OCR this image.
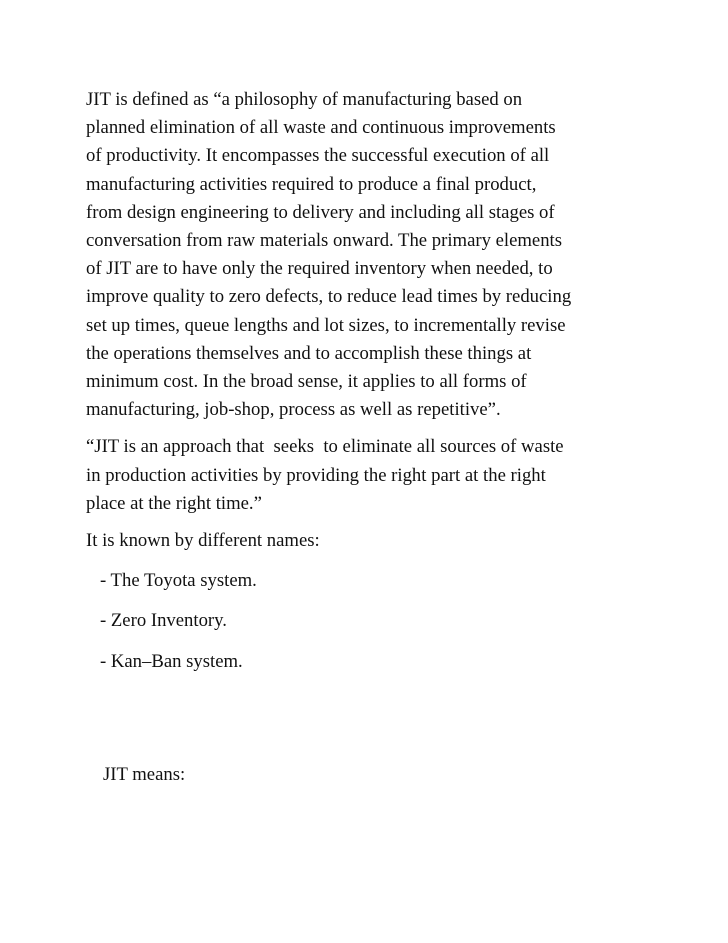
JIT is defined as “a philosophy of manufacturing based on
planned elimination of all waste and continuous improvements
of productivity. It encompasses the successful execution of all
manufacturing activities required to produce a final product,
from design engineering to delivery and including all stages of
conversation from raw materials onward. The primary elements
of JIT are to have only the required inventory when needed, to
improve quality to zero defects, to reduce lead times by reducing
set up times, queue lengths and lot sizes, to incrementally revise
the operations themselves and to accomplish these things at
minimum cost. In the broad sense, it applies to all forms of
manufacturing, job-shop, process as well as repetitive”.

“JIT is an approach that  seeks  to eliminate all sources of waste
in production activities by providing the right part at the right
place at the right time.”

It is known by different names:

- The Toyota system.
- Zero Inventory.
- Kan–Ban system.
JIT means:
